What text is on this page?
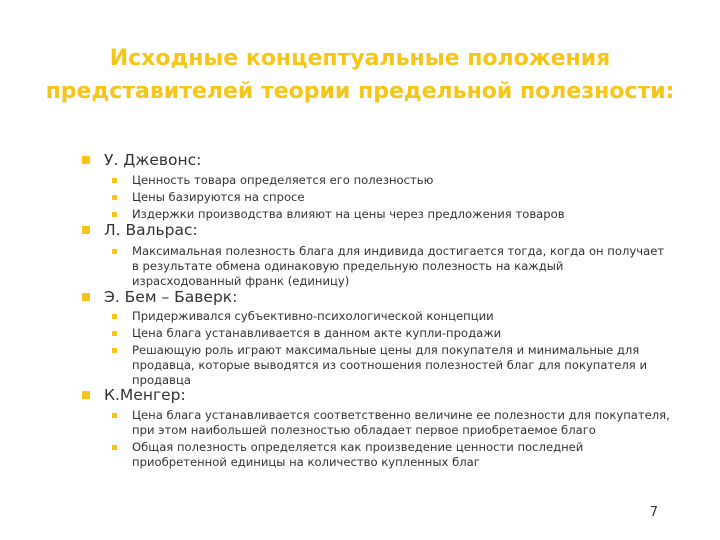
Исходные концептуальные положения
представителей теории предельной полезности:
У. Джевонс:
Ценность товара определяется его полезностью
Цены базируются на спросе
Издержки производства влияют на цены через предложения товаров
Л. Вальрас:
Максимальная полезность блага для индивида достигается тогда, когда он получает в результате обмена одинаковую предельную полезность на каждый израсходованный франк (единицу)
Э. Бем – Баверк:
Придерживался субъективно-психологической концепции
Цена блага устанавливается в данном акте купли-продажи
Решающую роль играют максимальные цены для покупателя и минимальные для продавца, которые выводятся из соотношения полезностей благ для покупателя и продавца
К.Менгер:
Цена блага устанавливается соответственно величине ее полезности для покупателя, при этом наибольшей полезностью обладает первое приобретаемое благо
Общая полезность определяется как произведение ценности последней приобретенной единицы на количество купленных благ
7
